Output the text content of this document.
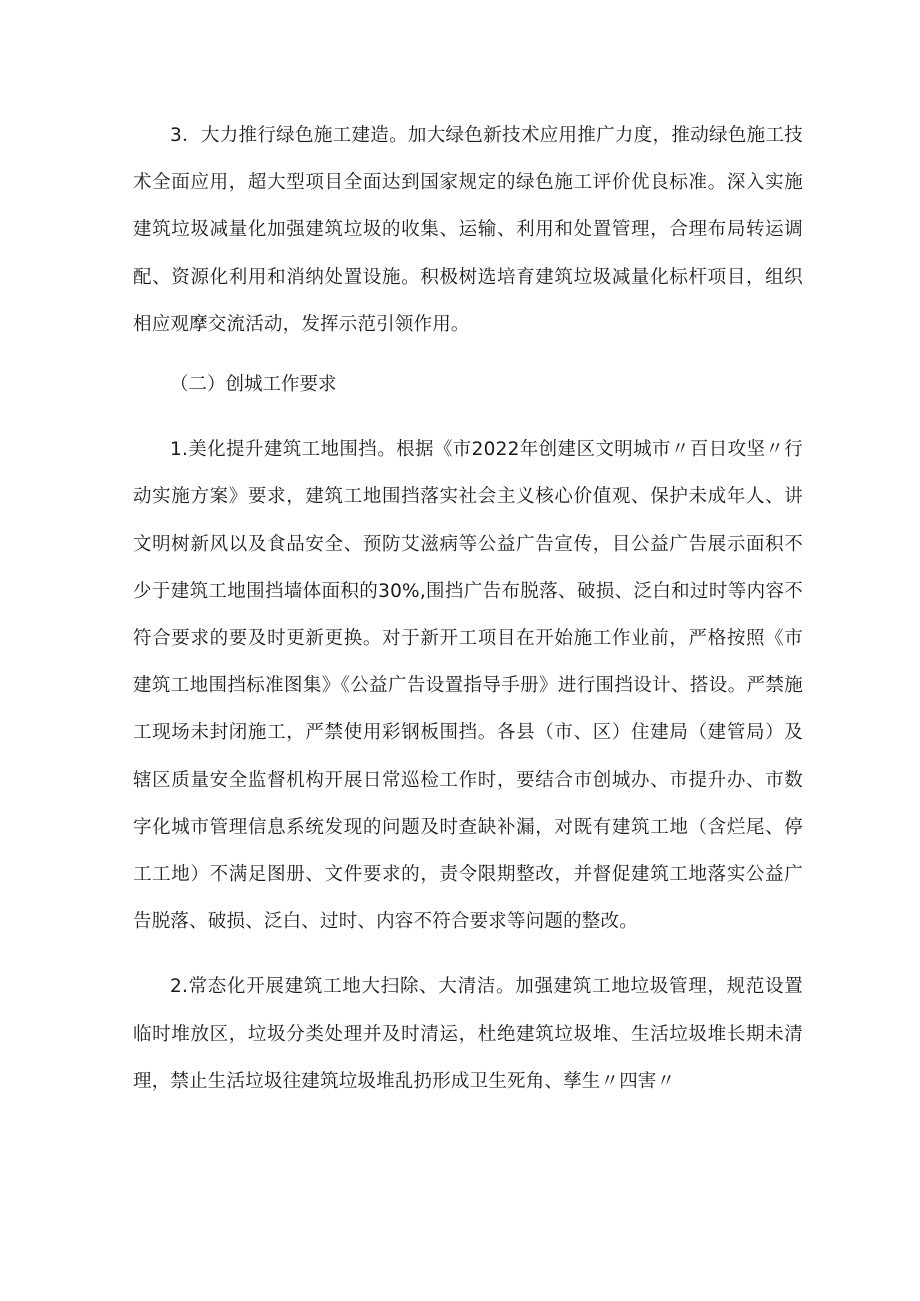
3．大力推行绿色施工建造。加大绿色新技术应用推广力度，推动绿色施工技术全面应用，超大型项目全面达到国家规定的绿色施工评价优良标准。深入实施建筑垃圾减量化加强建筑垃圾的收集、运输、利用和处置管理，合理布局转运调配、资源化利用和消纳处置设施。积极树选培育建筑垃圾减量化标杆项目，组织相应观摩交流活动，发挥示范引领作用。

（二）创城工作要求

1.美化提升建筑工地围挡。根据《市2022年创建区文明城市〃百日攻坚〃行动实施方案》要求，建筑工地围挡落实社会主义核心价值观、保护未成年人、讲文明树新风以及食品安全、预防艾滋病等公益广告宣传，目公益广告展示面积不少于建筑工地围挡墙体面积的30%,围挡广告布脱落、破损、泛白和过时等内容不符合要求的要及时更新更换。对于新开工项目在开始施工作业前，严格按照《市建筑工地围挡标准图集》《公益广告设置指导手册》进行围挡设计、搭设。严禁施工现场未封闭施工，严禁使用彩钢板围挡。各县（市、区）住建局（建管局）及辖区质量安全监督机构开展日常巡检工作时，要结合市创城办、市提升办、市数字化城市管理信息系统发现的问题及时查缺补漏，对既有建筑工地（含烂尾、停工工地）不满足图册、文件要求的，责令限期整改，并督促建筑工地落实公益广告脱落、破损、泛白、过时、内容不符合要求等问题的整改。

2.常态化开展建筑工地大扫除、大清洁。加强建筑工地垃圾管理，规范设置临时堆放区，垃圾分类处理并及时清运，杜绝建筑垃圾堆、生活垃圾堆长期未清理，禁止生活垃圾往建筑垃圾堆乱扔形成卫生死角、孳生〃四害〃
